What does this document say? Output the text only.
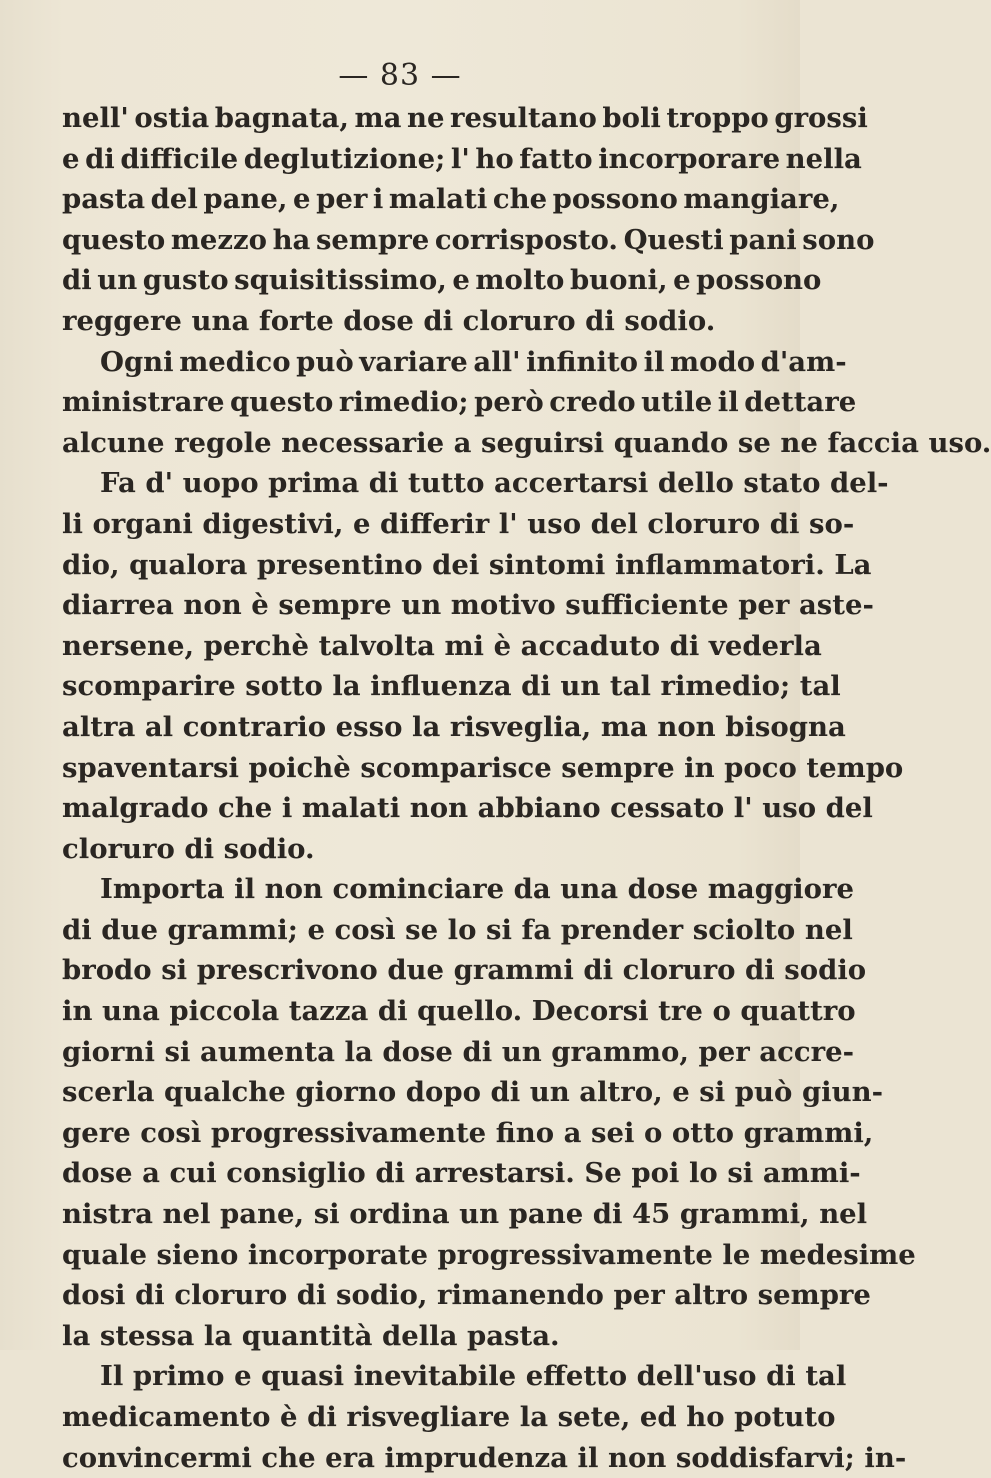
— 83 —
nell' ostia bagnata, ma ne resultano boli troppo grossi
e di difficile deglutizione; l' ho fatto incorporare nella
pasta del pane, e per i malati che possono mangiare,
questo mezzo ha sempre corrisposto. Questi pani sono
di un gusto squisitissimo, e molto buoni, e possono
reggere una forte dose di cloruro di sodio.
Ogni medico può variare all' infinito il modo d'am-
ministrare questo rimedio; però credo utile il dettare
alcune regole necessarie a seguirsi quando se ne faccia uso.
Fa d' uopo prima di tutto accertarsi dello stato del-
li organi digestivi, e differir l' uso del cloruro di so-
dio, qualora presentino dei sintomi inflammatori. La
diarrea non è sempre un motivo sufficiente per aste-
nersene, perchè talvolta mi è accaduto di vederla
scomparire sotto la influenza di un tal rimedio; tal
altra al contrario esso la risveglia, ma non bisogna
spaventarsi poichè scomparisce sempre in poco tempo
malgrado che i malati non abbiano cessato l' uso del
cloruro di sodio.
Importa il non cominciare da una dose maggiore
di due grammi; e così se lo si fa prender sciolto nel
brodo si prescrivono due grammi di cloruro di sodio
in una piccola tazza di quello. Decorsi tre o quattro
giorni si aumenta la dose di un grammo, per accre-
scerla qualche giorno dopo di un altro, e si può giun-
gere così progressivamente fino a sei o otto grammi,
dose a cui consiglio di arrestarsi. Se poi lo si ammi-
nistra nel pane, si ordina un pane di 45 grammi, nel
quale sieno incorporate progressivamente le medesime
dosi di cloruro di sodio, rimanendo per altro sempre
la stessa la quantità della pasta.
Il primo e quasi inevitabile effetto dell'uso di tal
medicamento è di risvegliare la sete, ed ho potuto
convincermi che era imprudenza il non soddisfarvi; in-
